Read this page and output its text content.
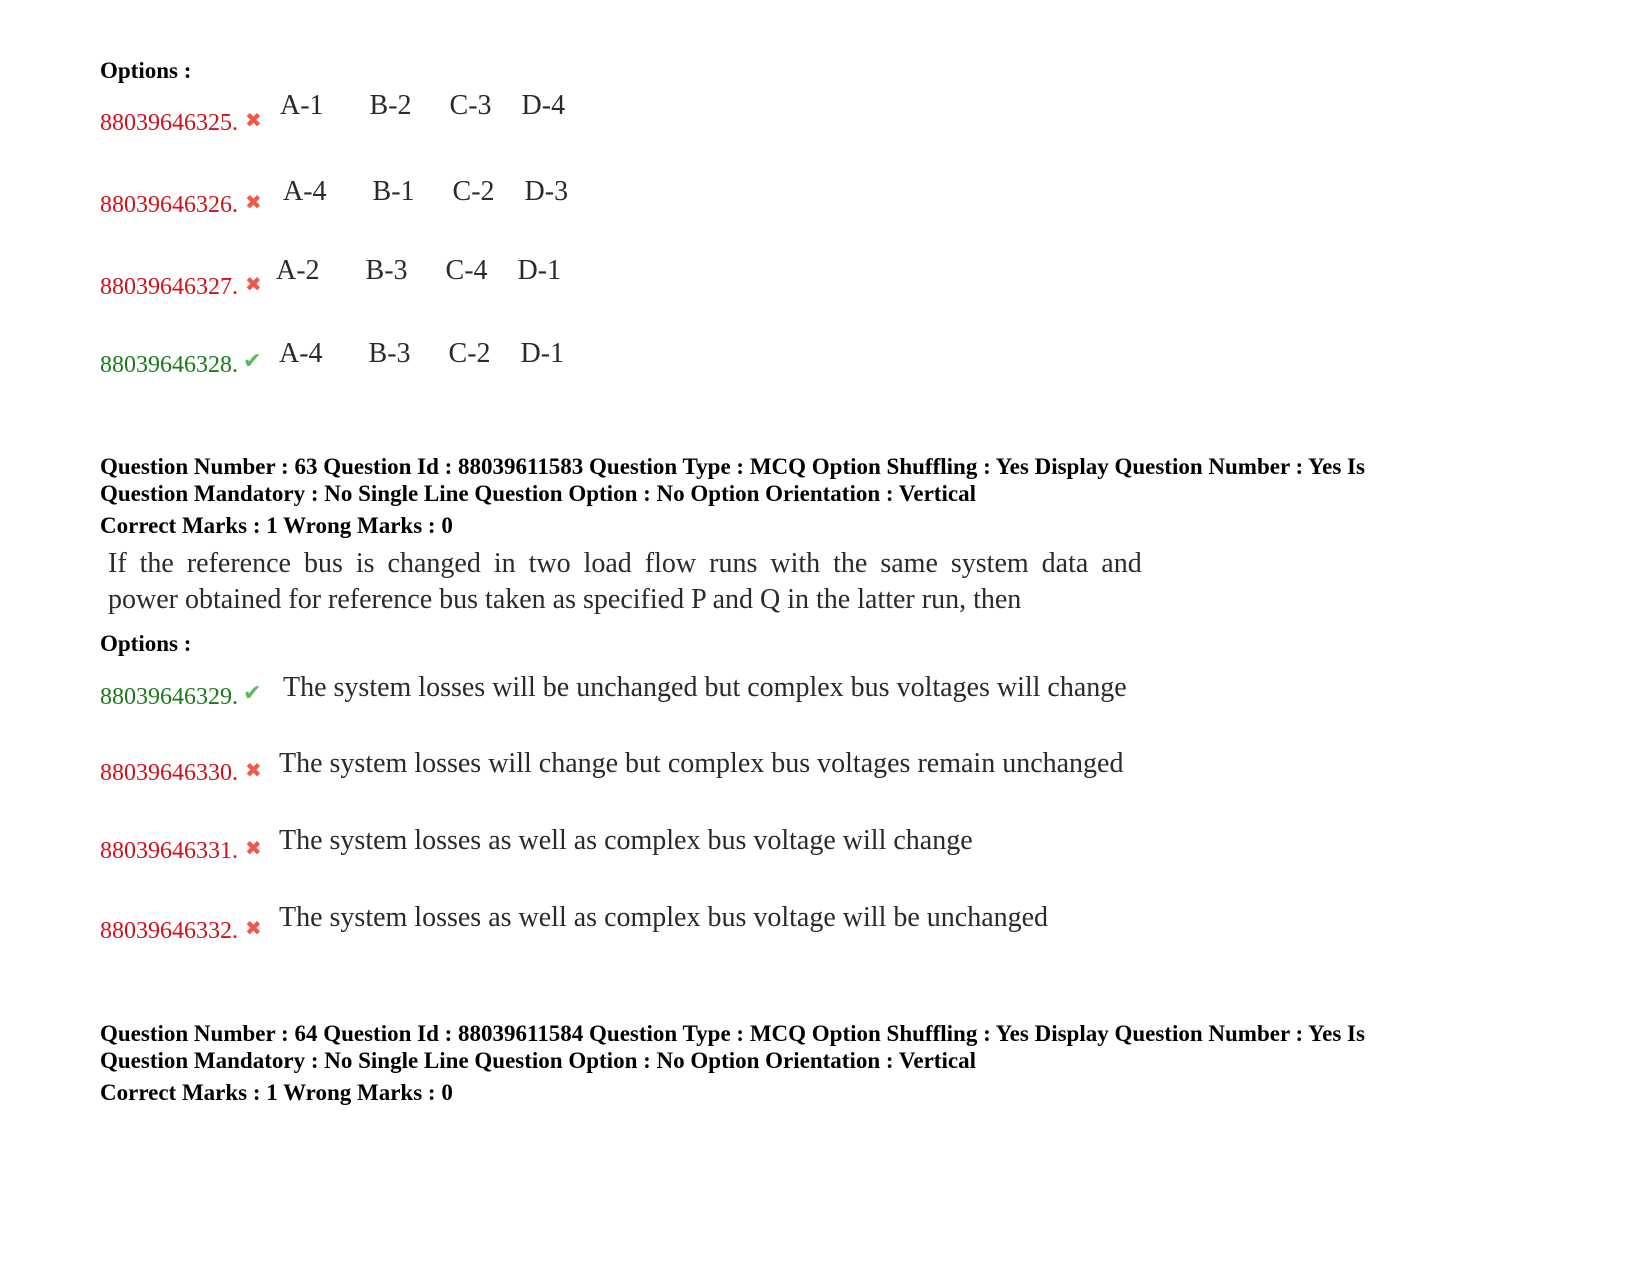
Options :
88039646325. ✖ A-1 B-2 C-3 D-4
88039646326. ✖ A-4 B-1 C-2 D-3
88039646327. ✖ A-2 B-3 C-4 D-1
88039646328. ✔ A-4 B-3 C-2 D-1
Question Number : 63 Question Id : 88039611583 Question Type : MCQ Option Shuffling : Yes Display Question Number : Yes Is
Question Mandatory : No Single Line Question Option : No Option Orientation : Vertical
Correct Marks : 1 Wrong Marks : 0
If the reference bus is changed in two load flow runs with the same system data and
power obtained for reference bus taken as specified P and Q in the latter run, then
Options :
88039646329. ✔ The system losses will be unchanged but complex bus voltages will change
88039646330. ✖ The system losses will change but complex bus voltages remain unchanged
88039646331. ✖ The system losses as well as complex bus voltage will change
88039646332. ✖ The system losses as well as complex bus voltage will be unchanged
Question Number : 64 Question Id : 88039611584 Question Type : MCQ Option Shuffling : Yes Display Question Number : Yes Is
Question Mandatory : No Single Line Question Option : No Option Orientation : Vertical
Correct Marks : 1 Wrong Marks : 0
